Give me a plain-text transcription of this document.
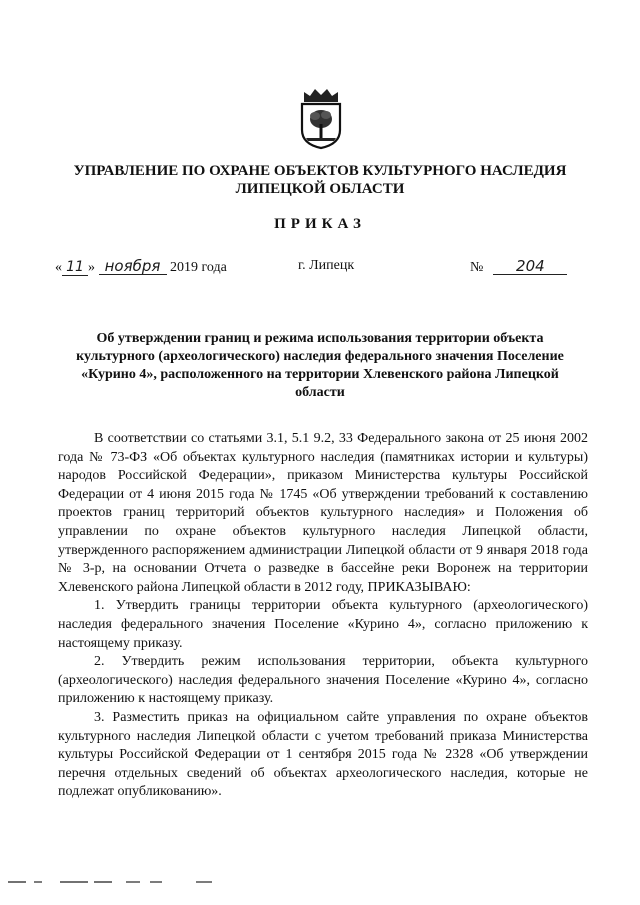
УПРАВЛЕНИЕ ПО ОХРАНЕ ОБЪЕКТОВ КУЛЬТУРНОГО НАСЛЕДИЯ ЛИПЕЦКОЙ ОБЛАСТИ
ПРИКАЗ
« 11 » ноября 2019 года	г. Липецк	№ 204
Об утверждении границ и режима использования территории объекта культурного (археологического) наследия федерального значения Поселение «Курино 4», расположенного на территории Хлевенского района Липецкой области

В соответствии со статьями 3.1, 5.1 9.2, 33 Федерального закона от 25 июня 2002 года № 73-ФЗ «Об объектах культурного наследия (памятниках истории и культуры) народов Российской Федерации», приказом Министерства культуры Российской Федерации от 4 июня 2015 года № 1745 «Об утверждении требований к составлению проектов границ территорий объектов культурного наследия» и Положения об управлении по охране объектов культурного наследия Липецкой области, утвержденного распоряжением администрации Липецкой области от 9 января 2018 года № 3-р, на основании Отчета о разведке в бассейне реки Воронеж на территории Хлевенского района Липецкой области в 2012 году, ПРИКАЗЫВАЮ:

1. Утвердить границы территории объекта культурного (археологического) наследия федерального значения Поселение «Курино 4», согласно приложению к настоящему приказу.

2. Утвердить режим использования территории, объекта культурного (археологического) наследия федерального значения Поселение «Курино 4», согласно приложению к настоящему приказу.

3. Разместить приказ на официальном сайте управления по охране объектов культурного наследия Липецкой области с учетом требований приказа Министерства культуры Российской Федерации от 1 сентября 2015 года № 2328 «Об утверждении перечня отдельных сведений об объектах археологического наследия, которые не подлежат опубликованию».
